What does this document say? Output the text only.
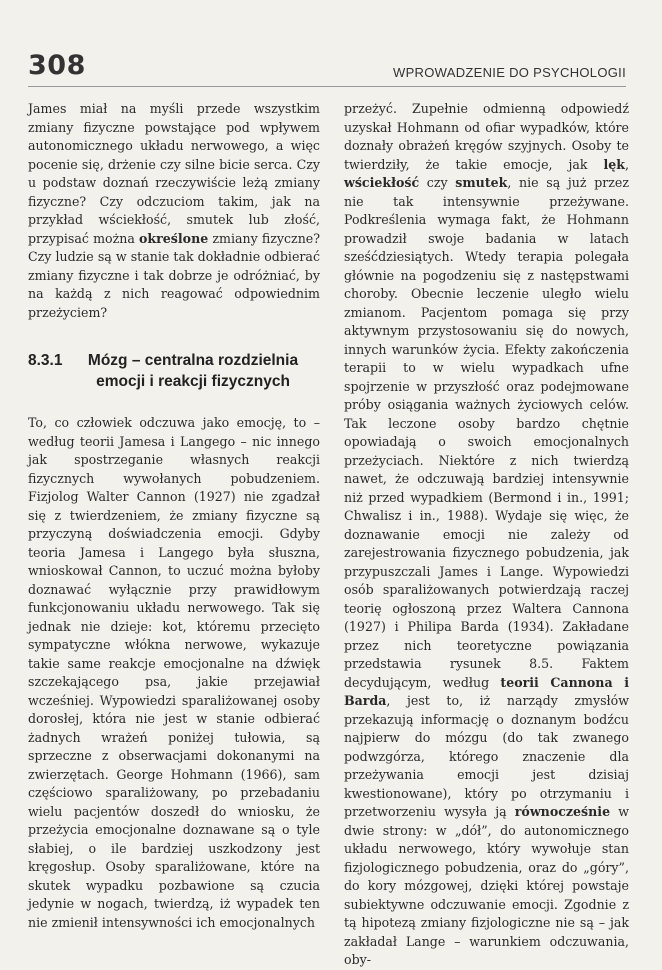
308	WPROWADZENIE DO PSYCHOLOGII

James miał na myśli przede wszystkim zmiany fizyczne powstające pod wpływem autonomicznego układu nerwowego, a więc pocenie się, drżenie czy silne bicie serca. Czy u podstaw doznań rzeczywiście leżą zmiany fizyczne? Czy odczuciom takim, jak na przykład wściekłość, smutek lub złość, przypisać można określone zmiany fizyczne? Czy ludzie są w stanie tak dokładnie odbierać zmiany fizyczne i tak dobrze je odróżniać, by na każdą z nich reagować odpowiednim przeżyciem?

8.3.1	Mózg – centralna rozdzielnia emocji i reakcji fizycznych

To, co człowiek odczuwa jako emocję, to – według teorii Jamesa i Langego – nic innego jak spostrzeganie własnych reakcji fizycznych wywołanych pobudzeniem. Fizjolog Walter Cannon (1927) nie zgadzał się z twierdzeniem, że zmiany fizyczne są przyczyną doświadczenia emocji. Gdyby teoria Jamesa i Langego była słuszna, wnioskował Cannon, to uczuć można byłoby doznawać wyłącznie przy prawidłowym funkcjonowaniu układu nerwowego. Tak się jednak nie dzieje: kot, któremu przecięto sympatyczne włókna nerwowe, wykazuje takie same reakcje emocjonalne na dźwięk szczekającego psa, jakie przejawiał wcześniej. Wypowiedzi sparaliżowanej osoby dorosłej, która nie jest w stanie odbierać żadnych wrażeń poniżej tułowia, są sprzeczne z obserwacjami dokonanymi na zwierzętach. George Hohmann (1966), sam częściowo sparaliżowany, po przebadaniu wielu pacjentów doszedł do wniosku, że przeżycia emocjonalne doznawane są o tyle słabiej, o ile bardziej uszkodzony jest kręgosłup. Osoby sparaliżowane, które na skutek wypadku pozbawione są czucia jedynie w nogach, twierdzą, iż wypadek ten nie zmienił intensywności ich emocjonalnych

przeżyć. Zupełnie odmienną odpowiedź uzyskał Hohmann od ofiar wypadków, które doznały obrażeń kręgów szyjnych. Osoby te twierdziły, że takie emocje, jak lęk, wściekłość czy smutek, nie są już przez nie tak intensywnie przeżywane. Podkreślenia wymaga fakt, że Hohmann prowadził swoje badania w latach sześćdziesiątych. Wtedy terapia polegała głównie na pogodzeniu się z następstwami choroby. Obecnie leczenie uległo wielu zmianom. Pacjentom pomaga się przy aktywnym przystosowaniu się do nowych, innych warunków życia. Efekty zakończenia terapii to w wielu wypadkach ufne spojrzenie w przyszłość oraz podejmowane próby osiągania ważnych życiowych celów. Tak leczone osoby bardzo chętnie opowiadają o swoich emocjonalnych przeżyciach. Niektóre z nich twierdzą nawet, że odczuwają bardziej intensywnie niż przed wypadkiem (Bermond i in., 1991; Chwalisz i in., 1988). Wydaje się więc, że doznawanie emocji nie zależy od zarejestrowania fizycznego pobudzenia, jak przypuszczali James i Lange. Wypowiedzi osób sparaliżowanych potwierdzają raczej teorię ogłoszoną przez Waltera Cannona (1927) i Philipa Barda (1934). Zakładane przez nich teoretyczne powiązania przedstawia rysunek 8.5. Faktem decydującym, według teorii Cannona i Barda, jest to, iż narządy zmysłów przekazują informację o doznanym bodźcu najpierw do mózgu (do tak zwanego podwzgórza, którego znaczenie dla przeżywania emocji jest dzisiaj kwestionowane), który po otrzymaniu i przetworzeniu wysyła ją równocześnie w dwie strony: w „dół”, do autonomicznego układu nerwowego, który wywołuje stan fizjologicznego pobudzenia, oraz do „góry”, do kory mózgowej, dzięki której powstaje subiektywne odczuwanie emocji. Zgodnie z tą hipotezą zmiany fizjologiczne nie są – jak zakładał Lange – warunkiem odczuwania, oby-
